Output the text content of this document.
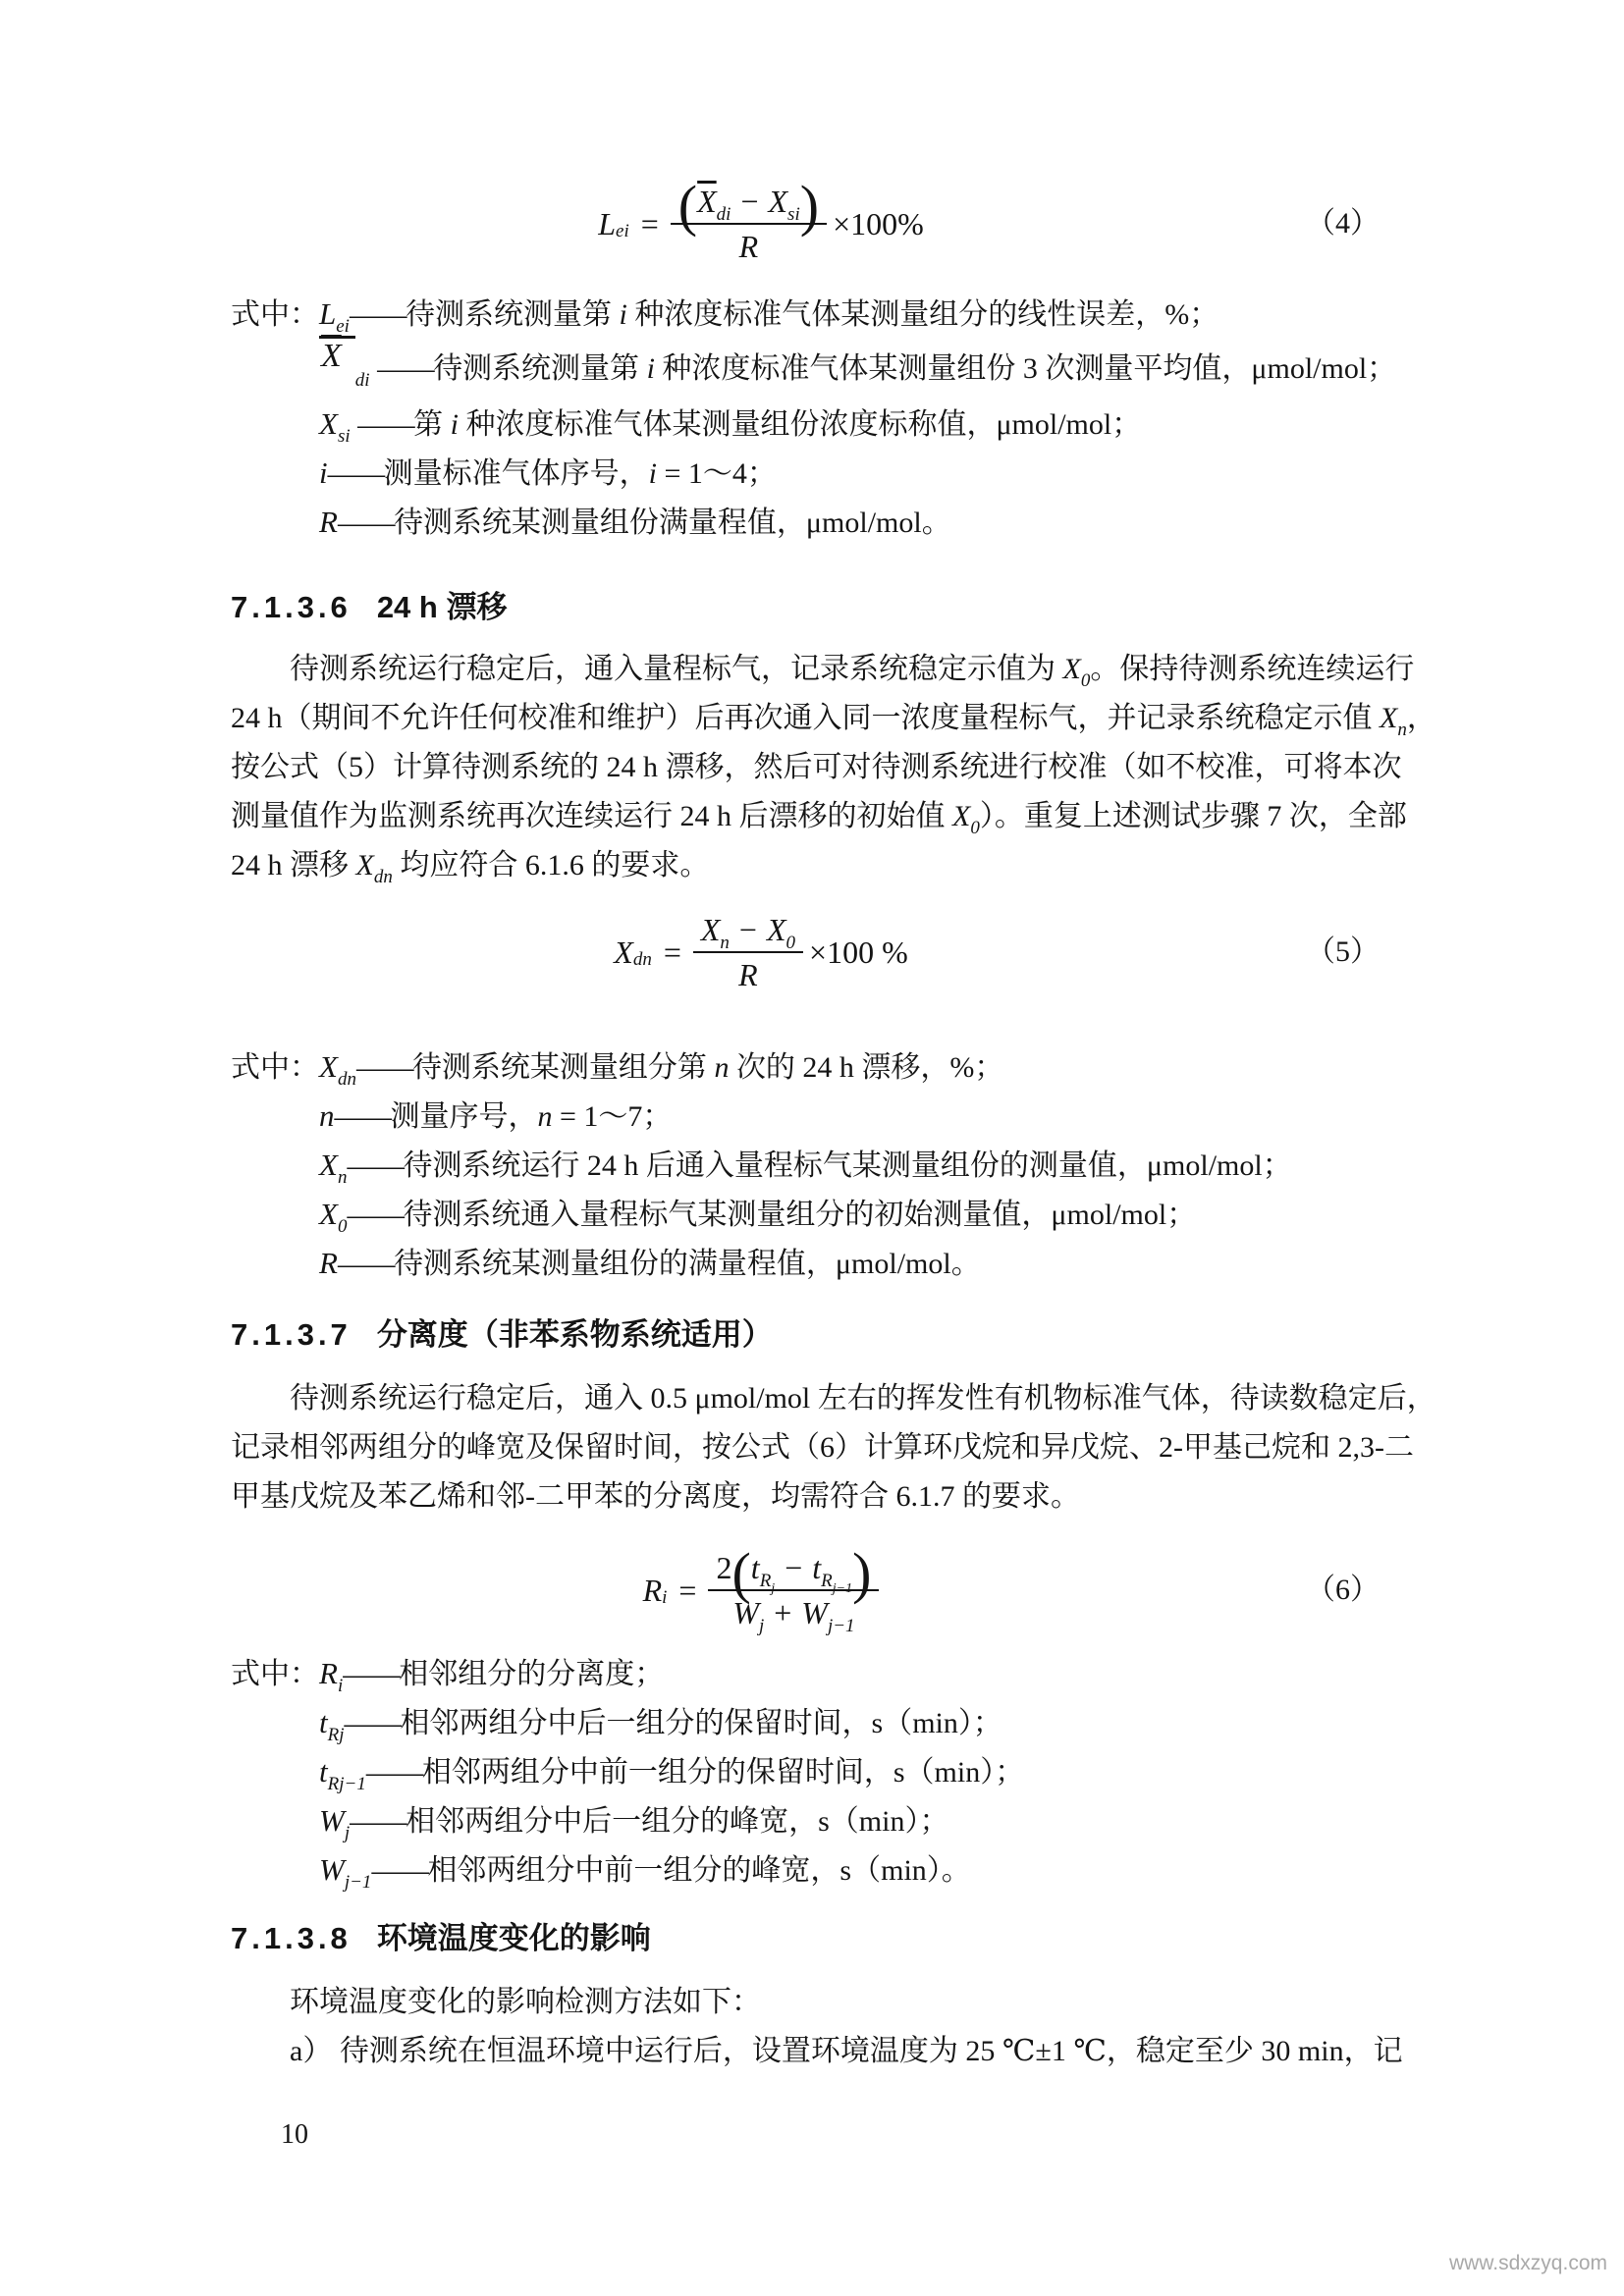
$L_{ei} = \frac{(\overline{X}_{di} - X_{si})}{R} \times 100\%$	（4）
式中：$L_{ei}——$待测系统测量第 i 种浓度标准气体某测量组分的线性误差，%；
$\overline{X}_{di}$ ——待测系统测量第 i 种浓度标准气体某测量组份 3 次测量平均值，μmol/mol；
$X_{si}$ ——第 i 种浓度标准气体某测量组份浓度标称值，μmol/mol；
i——测量标准气体序号，i = 1～4；
R——待测系统某测量组份满量程值，μmol/mol。
7.1.3.6 24 h 漂移
待测系统运行稳定后，通入量程标气，记录系统稳定示值为 $X_0$。保持待测系统连续运行
24 h（期间不允许任何校准和维护）后再次通入同一浓度量程标气，并记录系统稳定示值 $X_n$，
按公式（5）计算待测系统的 24 h 漂移，然后可对待测系统进行校准（如不校准，可将本次
测量值作为监测系统再次连续运行 24 h 后漂移的初始值 $X_0$）。重复上述测试步骤 7 次，全部
24 h 漂移 $X_{dn}$ 均应符合 6.1.6 的要求。
$X_{dn} = \frac{X_n - X_0}{R} \times 100$ %	（5）
式中：$X_{dn}——$待测系统某测量组分第 n 次的 24 h 漂移，%；
n——测量序号，n = 1～7；
$X_n——$待测系统运行 24 h 后通入量程标气某测量组份的测量值，μmol/mol；
$X_0——$待测系统通入量程标气某测量组分的初始测量值，μmol/mol；
R——待测系统某测量组份的满量程值，μmol/mol。
7.1.3.7 分离度（非苯系物系统适用）
待测系统运行稳定后，通入 0.5 μmol/mol 左右的挥发性有机物标准气体，待读数稳定后，
记录相邻两组分的峰宽及保留时间，按公式（6）计算环戊烷和异戊烷、2-甲基己烷和 2,3-二
甲基戊烷及苯乙烯和邻-二甲苯的分离度，均需符合 6.1.7 的要求。
$R_i = \frac{2(t_{R_j}- t_{R_{j-1}})}{W_j + W_{j-1}}$	（6）
式中：$R_i——$相邻组分的分离度；
$t_{Rj}——$相邻两组分中后一组分的保留时间，s（min）；
$t_{Rj-1}——$相邻两组分中前一组分的保留时间，s（min）；
$W_j——$相邻两组分中后一组分的峰宽，s（min）；
$W_{j-1}——$相邻两组分中前一组分的峰宽，s（min）。
7.1.3.8 环境温度变化的影响
环境温度变化的影响检测方法如下：
a） 待测系统在恒温环境中运行后，设置环境温度为 25 ℃±1 ℃，稳定至少 30 min，记
10
www.sdxzyq.com
